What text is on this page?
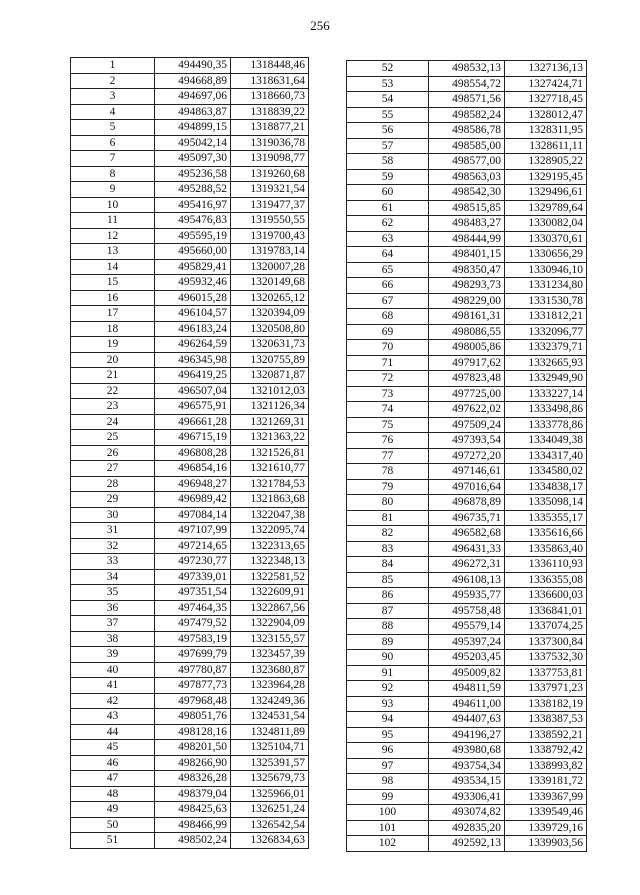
256
1	494490,35	1318448,46
2	494668,89	1318631,64
3	494697,06	1318660,73
4	494863,87	1318839,22
5	494899,15	1318877,21
6	495042,14	1319036,78
7	495097,30	1319098,77
8	495236,58	1319260,68
9	495288,52	1319321,54
10	495416,97	1319477,37
11	495476,83	1319550,55
12	495595,19	1319700,43
13	495660,00	1319783,14
14	495829,41	1320007,28
15	495932,46	1320149,68
16	496015,28	1320265,12
17	496104,57	1320394,09
18	496183,24	1320508,80
19	496264,59	1320631,73
20	496345,98	1320755,89
21	496419,25	1320871,87
22	496507,04	1321012,03
23	496575,91	1321126,34
24	496661,28	1321269,31
25	496715,19	1321363,22
26	496808,28	1321526,81
27	496854,16	1321610,77
28	496948,27	1321784,53
29	496989,42	1321863,68
30	497084,14	1322047,38
31	497107,99	1322095,74
32	497214,65	1322313,65
33	497230,77	1322348,13
34	497339,01	1322581,52
35	497351,54	1322609,91
36	497464,35	1322867,56
37	497479,52	1322904,09
38	497583,19	1323155,57
39	497699,79	1323457,39
40	497780,87	1323680,87
41	497877,73	1323964,28
42	497968,48	1324249,36
43	498051,76	1324531,54
44	498128,16	1324811,89
45	498201,50	1325104,71
46	498266,90	1325391,57
47	498326,28	1325679,73
48	498379,04	1325966,01
49	498425,63	1326251,24
50	498466,99	1326542,54
51	498502,24	1326834,63
52	498532,13	1327136,13
53	498554,72	1327424,71
54	498571,56	1327718,45
55	498582,24	1328012,47
56	498586,78	1328311,95
57	498585,00	1328611,11
58	498577,00	1328905,22
59	498563,03	1329195,45
60	498542,30	1329496,61
61	498515,85	1329789,64
62	498483,27	1330082,04
63	498444,99	1330370,61
64	498401,15	1330656,29
65	498350,47	1330946,10
66	498293,73	1331234,80
67	498229,00	1331530,78
68	498161,31	1331812,21
69	498086,55	1332096,77
70	498005,86	1332379,71
71	497917,62	1332665,93
72	497823,48	1332949,90
73	497725,00	1333227,14
74	497622,02	1333498,86
75	497509,24	1333778,86
76	497393,54	1334049,38
77	497272,20	1334317,40
78	497146,61	1334580,02
79	497016,64	1334838,17
80	496878,89	1335098,14
81	496735,71	1335355,17
82	496582,68	1335616,66
83	496431,33	1335863,40
84	496272,31	1336110,93
85	496108,13	1336355,08
86	495935,77	1336600,03
87	495758,48	1336841,01
88	495579,14	1337074,25
89	495397,24	1337300,84
90	495203,45	1337532,30
91	495009,82	1337753,81
92	494811,59	1337971,23
93	494611,00	1338182,19
94	494407,63	1338387,53
95	494196,27	1338592,21
96	493980,68	1338792,42
97	493754,34	1338993,82
98	493534,15	1339181,72
99	493306,41	1339367,99
100	493074,82	1339549,46
101	492835,20	1339729,16
102	492592,13	1339903,56
